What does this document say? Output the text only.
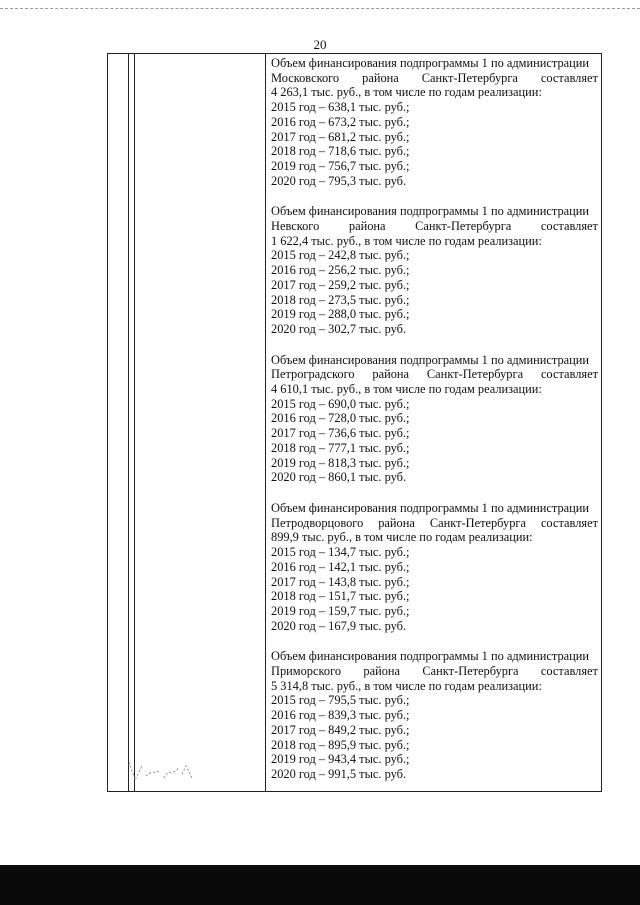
20
Объем финансирования подпрограммы 1 по администрации
Московского района Санкт-Петербурга составляет
4 263,1 тыс. руб., в том числе по годам реализации:
2015 год – 638,1 тыс. руб.;
2016 год – 673,2 тыс. руб.;
2017 год – 681,2 тыс. руб.;
2018 год – 718,6 тыс. руб.;
2019 год – 756,7 тыс. руб.;
2020 год – 795,3 тыс. руб.
Объем финансирования подпрограммы 1 по администрации
Невского района Санкт-Петербурга составляет
1 622,4 тыс. руб., в том числе по годам реализации:
2015 год – 242,8 тыс. руб.;
2016 год – 256,2 тыс. руб.;
2017 год – 259,2 тыс. руб.;
2018 год – 273,5 тыс. руб.;
2019 год – 288,0 тыс. руб.;
2020 год – 302,7 тыс. руб.
Объем финансирования подпрограммы 1 по администрации
Петроградского района Санкт-Петербурга составляет
4 610,1 тыс. руб., в том числе по годам реализации:
2015 год – 690,0 тыс. руб.;
2016 год – 728,0 тыс. руб.;
2017 год – 736,6 тыс. руб.;
2018 год – 777,1 тыс. руб.;
2019 год – 818,3 тыс. руб.;
2020 год – 860,1 тыс. руб.
Объем финансирования подпрограммы 1 по администрации
Петродворцового района Санкт-Петербурга составляет
899,9 тыс. руб., в том числе по годам реализации:
2015 год – 134,7 тыс. руб.;
2016 год – 142,1 тыс. руб.;
2017 год – 143,8 тыс. руб.;
2018 год – 151,7 тыс. руб.;
2019 год – 159,7 тыс. руб.;
2020 год – 167,9 тыс. руб.
Объем финансирования подпрограммы 1 по администрации
Приморского района Санкт-Петербурга составляет
5 314,8 тыс. руб., в том числе по годам реализации:
2015 год – 795,5 тыс. руб.;
2016 год – 839,3 тыс. руб.;
2017 год – 849,2 тыс. руб.;
2018 год – 895,9 тыс. руб.;
2019 год – 943,4 тыс. руб.;
2020 год – 991,5 тыс. руб.
